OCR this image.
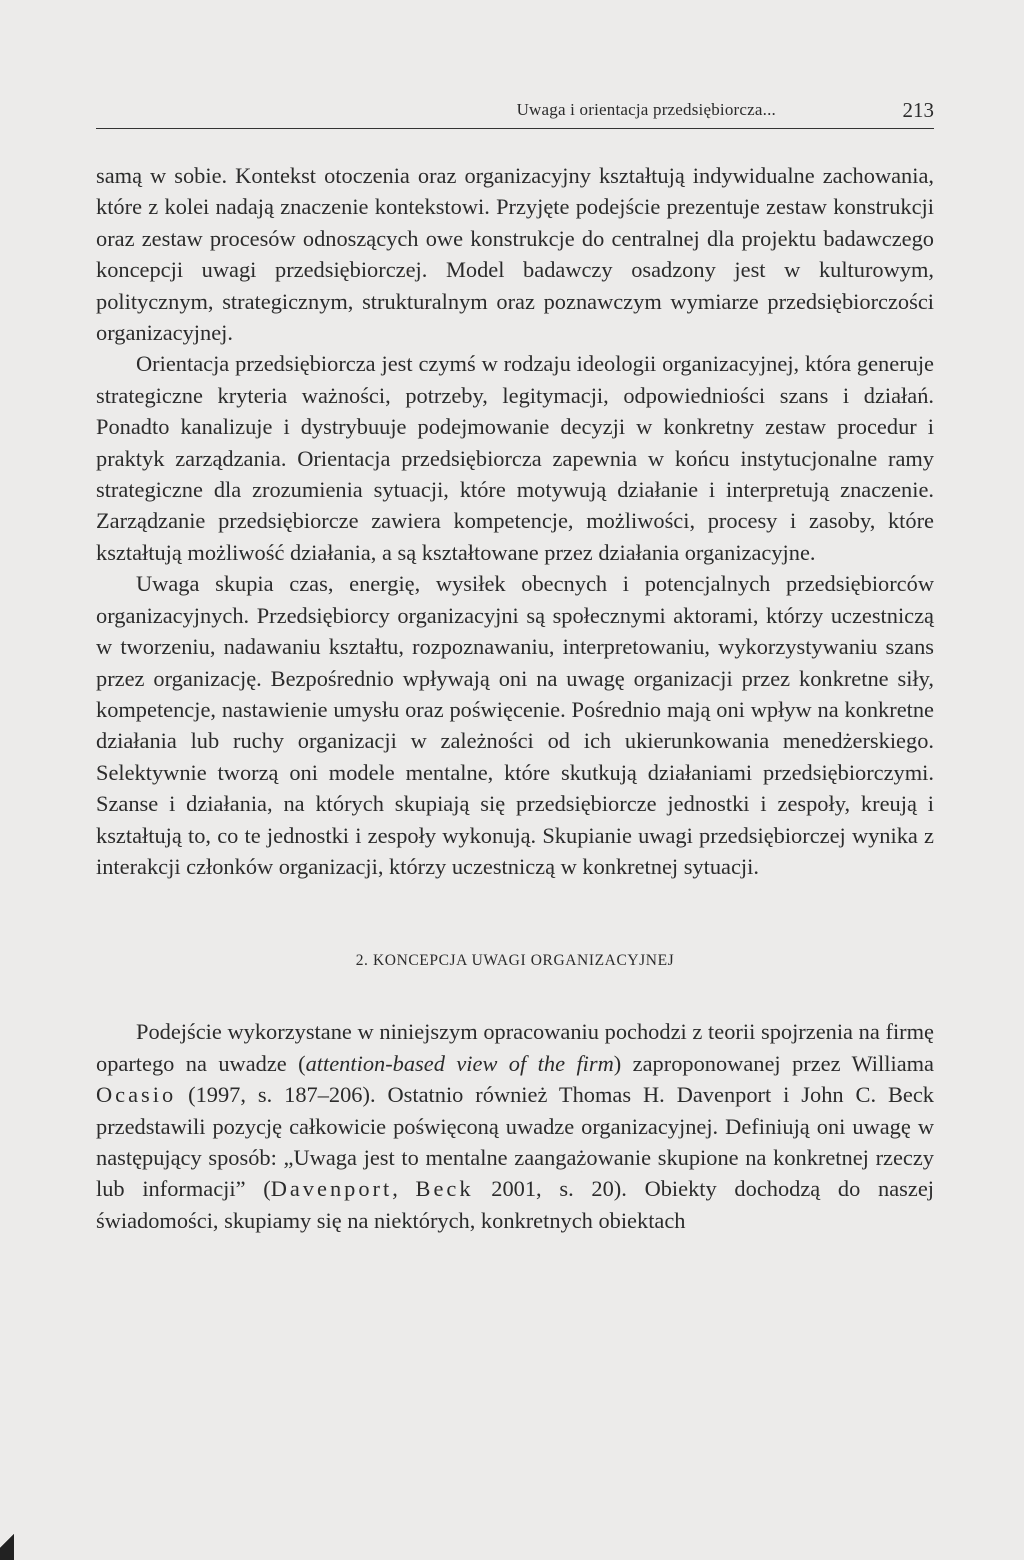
Uwaga i orientacja przedsiębiorcza...	213

samą w sobie. Kontekst otoczenia oraz organizacyjny kształtują indywidualne zachowania, które z kolei nadają znaczenie kontekstowi. Przyjęte podejście prezentuje zestaw konstrukcji oraz zestaw procesów odnoszących owe konstrukcje do centralnej dla projektu badawczego koncepcji uwagi przedsiębiorczej. Model badawczy osadzony jest w kulturowym, politycznym, strategicznym, strukturalnym oraz poznawczym wymiarze przedsiębiorczości organizacyjnej.

Orientacja przedsiębiorcza jest czymś w rodzaju ideologii organizacyjnej, która generuje strategiczne kryteria ważności, potrzeby, legitymacji, odpowiedniości szans i działań. Ponadto kanalizuje i dystrybuuje podejmowanie decyzji w konkretny zestaw procedur i praktyk zarządzania. Orientacja przedsiębiorcza zapewnia w końcu instytucjonalne ramy strategiczne dla zrozumienia sytuacji, które motywują działanie i interpretują znaczenie. Zarządzanie przedsiębiorcze zawiera kompetencje, możliwości, procesy i zasoby, które kształtują możliwość działania, a są kształtowane przez działania organizacyjne.

Uwaga skupia czas, energię, wysiłek obecnych i potencjalnych przedsiębiorców organizacyjnych. Przedsiębiorcy organizacyjni są społecznymi aktorami, którzy uczestniczą w tworzeniu, nadawaniu kształtu, rozpoznawaniu, interpretowaniu, wykorzystywaniu szans przez organizację. Bezpośrednio wpływają oni na uwagę organizacji przez konkretne siły, kompetencje, nastawienie umysłu oraz poświęcenie. Pośrednio mają oni wpływ na konkretne działania lub ruchy organizacji w zależności od ich ukierunkowania menedżerskiego. Selektywnie tworzą oni modele mentalne, które skutkują działaniami przedsiębiorczymi. Szanse i działania, na których skupiają się przedsiębiorcze jednostki i zespoły, kreują i kształtują to, co te jednostki i zespoły wykonują. Skupianie uwagi przedsiębiorczej wynika z interakcji członków organizacji, którzy uczestniczą w konkretnej sytuacji.

2. KONCEPCJA UWAGI ORGANIZACYJNEJ

Podejście wykorzystane w niniejszym opracowaniu pochodzi z teorii spojrzenia na firmę opartego na uwadze (attention-based view of the firm) zaproponowanej przez Williama Ocasio (1997, s. 187–206). Ostatnio również Thomas H. Davenport i John C. Beck przedstawili pozycję całkowicie poświęconą uwadze organizacyjnej. Definiują oni uwagę w następujący sposób: „Uwaga jest to mentalne zaangażowanie skupione na konkretnej rzeczy lub informacji” (Davenport, Beck 2001, s. 20). Obiekty dochodzą do naszej świadomości, skupiamy się na niektórych, konkretnych obiektach
